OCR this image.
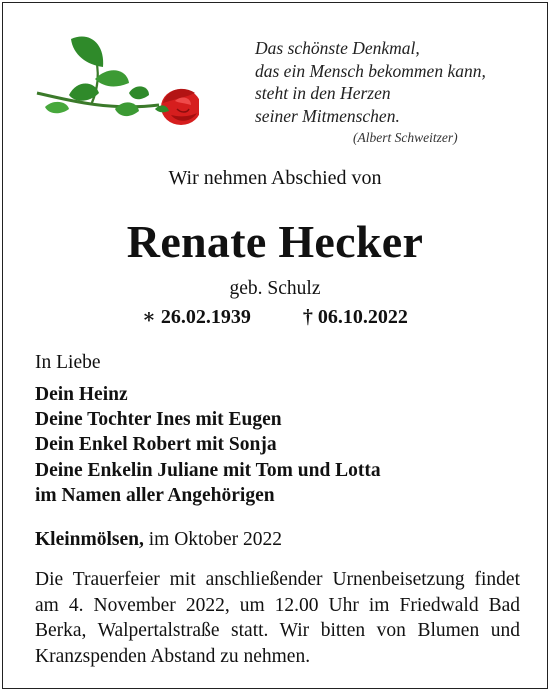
Das schönste Denkmal,
das ein Mensch bekommen kann,
steht in den Herzen
seiner Mitmenschen.
(Albert Schweitzer)
Wir nehmen Abschied von
Renate Hecker
geb. Schulz
∗ 26.02.1939	† 06.10.2022
In Liebe
Dein Heinz
Deine Tochter Ines mit Eugen
Dein Enkel Robert mit Sonja
Deine Enkelin Juliane mit Tom und Lotta
im Namen aller Angehörigen
Kleinmölsen, im Oktober 2022
Die Trauerfeier mit anschließender Urnenbeisetzung findet am 4. November 2022, um 12.00 Uhr im Friedwald Bad Berka, Walpertalstraße statt. Wir bitten von Blumen und Kranzspenden Abstand zu nehmen.
